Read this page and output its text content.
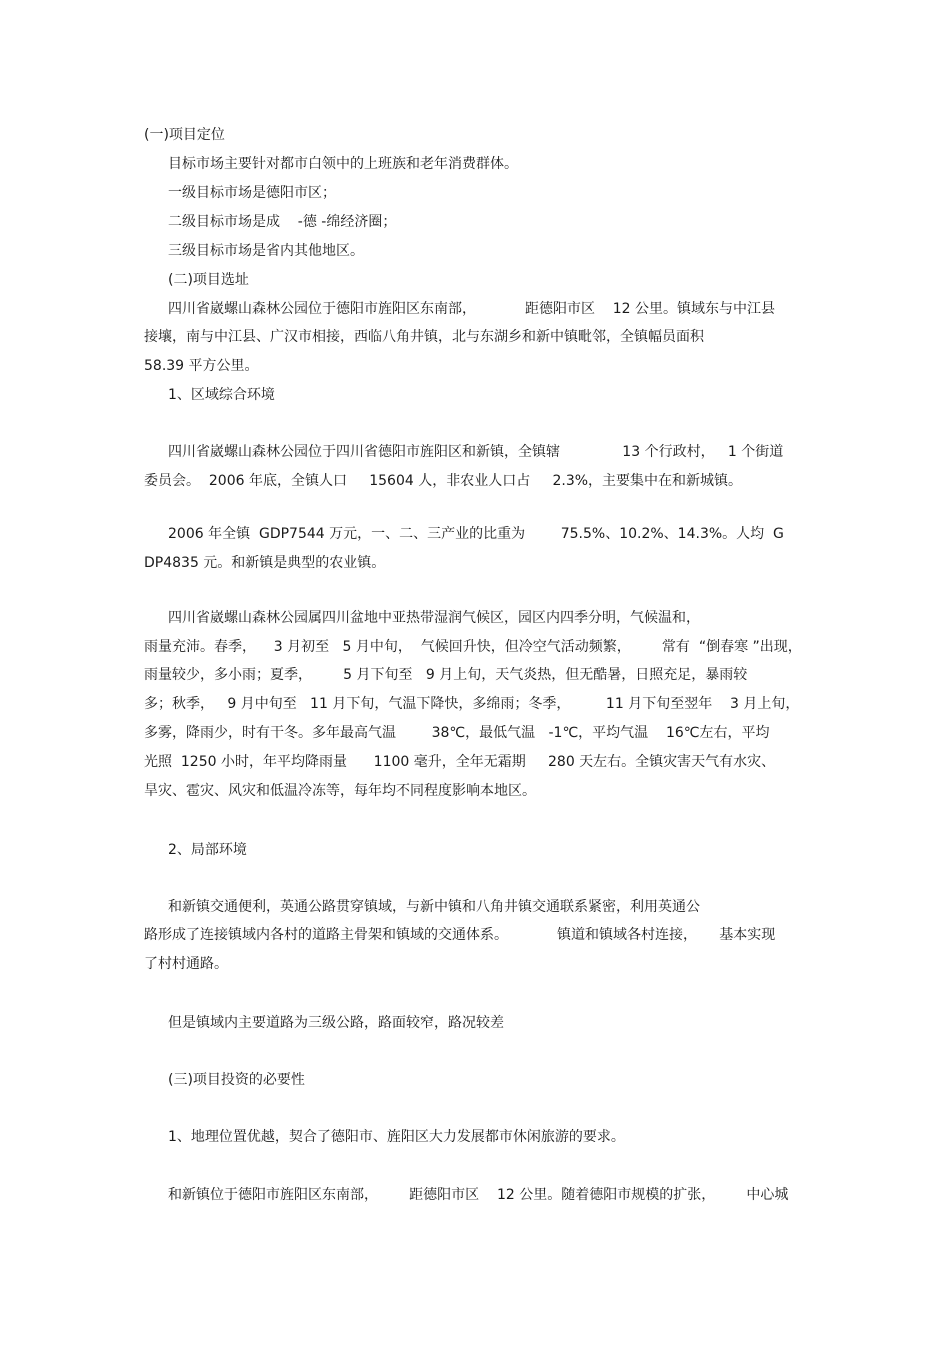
(一)项目定位
目标市场主要针对都市白领中的上班族和老年消费群体。
一级目标市场是德阳市区；
二级目标市场是成    -德 -绵经济圈；
三级目标市场是省内其他地区。
(二)项目选址
四川省崴螺山森林公园位于德阳市旌阳区东南部，           距德阳市区    12 公里。镇域东与中江县
接壤，南与中江县、广汉市相接，西临八角井镇，北与东湖乡和新中镇毗邻，全镇幅员面积
58.39 平方公里。
1、区域综合环境
四川省崴螺山森林公园位于四川省德阳市旌阳区和新镇，全镇辖              13 个行政村，   1 个街道
委员会。  2006 年底，全镇人口     15604 人，非农业人口占     2.3%，主要集中在和新城镇。
2006 年全镇  GDP7544 万元，一、二、三产业的比重为        75.5%、10.2%、14.3%。人均  G
DP4835 元。和新镇是典型的农业镇。
四川省崴螺山森林公园属四川盆地中亚热带湿润气候区，园区内四季分明，气候温和，
雨量充沛。春季，    3 月初至   5 月中旬，  气候回升快，但冷空气活动频繁，       常有  “倒春寒 ”出现，
雨量较少，多小雨；夏季，       5 月下旬至   9 月上旬，天气炎热，但无酷暑，日照充足，暴雨较
多；秋季，   9 月中旬至   11 月下旬，气温下降快，多绵雨；冬季，        11 月下旬至翌年    3 月上旬，
多雾，降雨少，时有干冬。多年最高气温        38℃，最低气温   -1℃，平均气温    16℃左右，平均
光照  1250 小时，年平均降雨量      1100 毫升，全年无霜期     280 天左右。全镇灾害天气有水灾、
旱灾、雹灾、风灾和低温冷冻等，每年均不同程度影响本地区。
2、局部环境
和新镇交通便利，英通公路贯穿镇域，与新中镇和八角井镇交通联系紧密，利用英通公
路形成了连接镇域内各村的道路主骨架和镇域的交通体系。           镇道和镇域各村连接，     基本实现
了村村通路。
但是镇域内主要道路为三级公路，路面较窄，路况较差
(三)项目投资的必要性
1、地理位置优越，契合了德阳市、旌阳区大力发展都市休闲旅游的要求。
和新镇位于德阳市旌阳区东南部，       距德阳市区    12 公里。随着德阳市规模的扩张，       中心城
